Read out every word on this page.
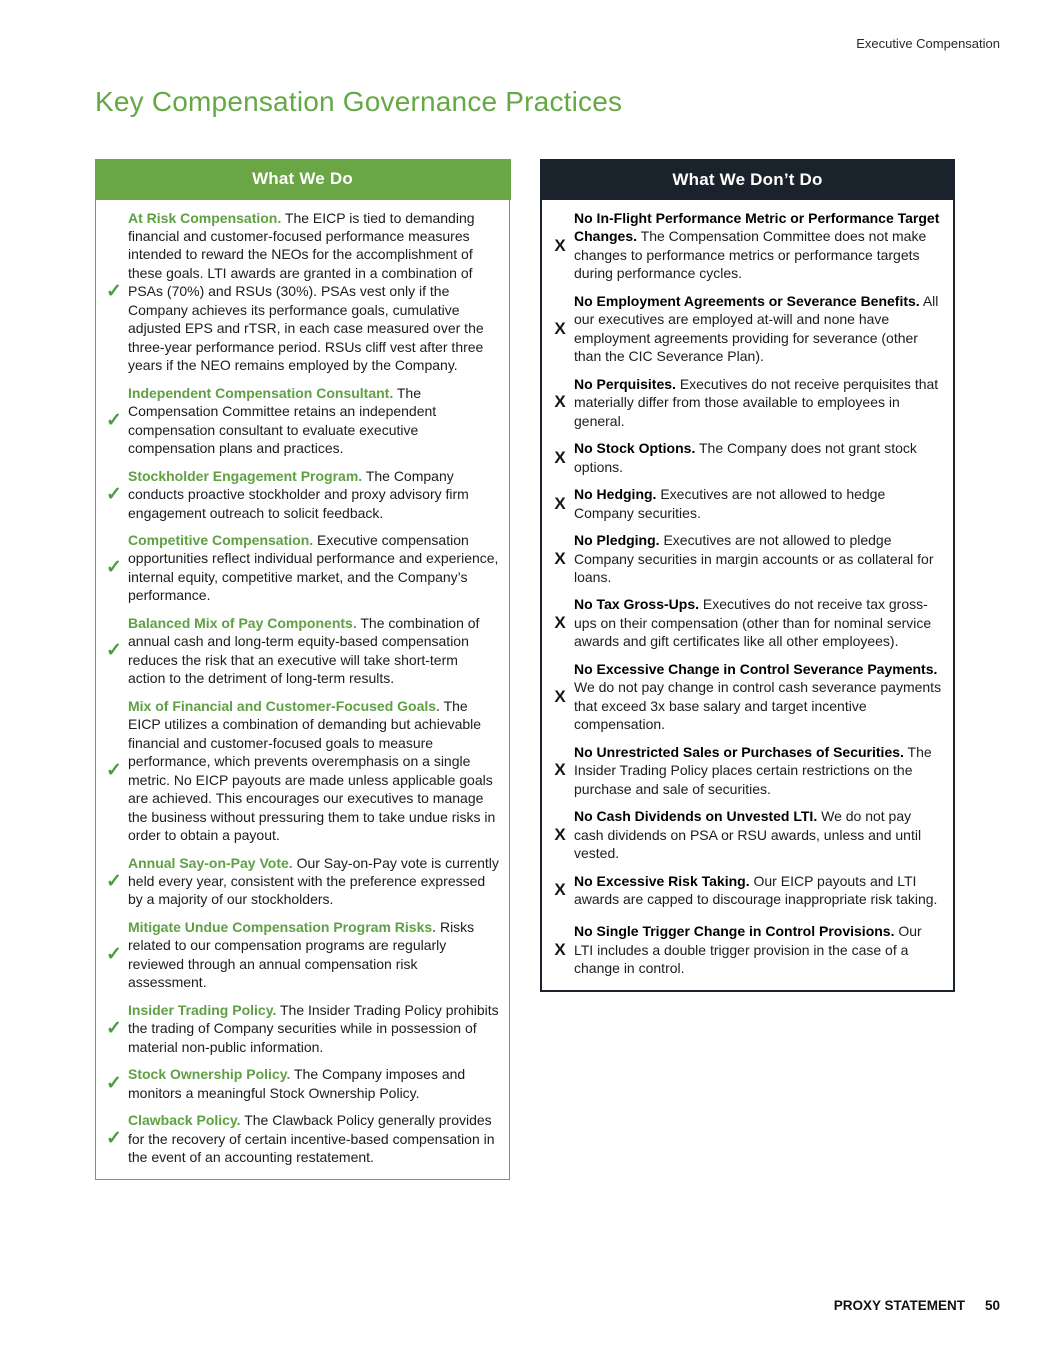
Executive Compensation
Key Compensation Governance Practices
What We Do
✓

At Risk Compensation. The EICP is tied to demanding financial and customer-focused performance measures intended to reward the NEOs for the accomplishment of these goals. LTI awards are granted in a combination of PSAs (70%) and RSUs (30%). PSAs vest only if the Company achieves its performance goals, cumulative adjusted EPS and rTSR, in each case measured over the three-year performance period. RSUs cliff vest after three years if the NEO remains employed by the Company.

✓

Independent Compensation Consultant. The Compensation Committee retains an independent compensation consultant to evaluate executive compensation plans and practices.

✓

Stockholder Engagement Program. The Company conducts proactive stockholder and proxy advisory firm engagement outreach to solicit feedback.

✓

Competitive Compensation. Executive compensation opportunities reflect individual performance and experience, internal equity, competitive market, and the Company’s performance.

✓

Balanced Mix of Pay Components. The combination of annual cash and long-term equity-based compensation reduces the risk that an executive will take short-term action to the detriment of long-term results.

✓

Mix of Financial and Customer-Focused Goals. The EICP utilizes a combination of demanding but achievable financial and customer-focused goals to measure performance, which prevents overemphasis on a single metric. No EICP payouts are made unless applicable goals are achieved. This encourages our executives to manage the business without pressuring them to take undue risks in order to obtain a payout.

✓

Annual Say-on-Pay Vote. Our Say-on-Pay vote is currently held every year, consistent with the preference expressed by a majority of our stockholders.

✓

Mitigate Undue Compensation Program Risks. Risks related to our compensation programs are regularly reviewed through an annual compensation risk assessment.

✓

Insider Trading Policy. The Insider Trading Policy prohibits the trading of Company securities while in possession of material non-public information.

✓ Stock Ownership Policy. The Company imposes and monitors a meaningful Stock Ownership Policy.

✓

Clawback Policy. The Clawback Policy generally provides for the recovery of certain incentive-based compensation in the event of an accounting restatement.

What We Don’t Do
X

No In-Flight Performance Metric or Performance Target Changes. The Compensation Committee does not make changes to performance metrics or performance targets during performance cycles.

X

No Employment Agreements or Severance Benefits. All our executives are employed at-will and none have employment agreements providing for severance (other than the CIC Severance Plan).

X

No Perquisites. Executives do not receive perquisites that materially differ from those available to employees in general.

X No Stock Options. The Company does not grant stock options.

X No Hedging. Executives are not allowed to hedge Company securities.

X

No Pledging. Executives are not allowed to pledge Company securities in margin accounts or as collateral for loans.

X

No Tax Gross-Ups. Executives do not receive tax gross-ups on their compensation (other than for nominal service awards and gift certificates like all other employees).

X

No Excessive Change in Control Severance Payments. We do not pay change in control cash severance payments that exceed 3x base salary and target incentive compensation.

X

No Unrestricted Sales or Purchases of Securities. The Insider Trading Policy places certain restrictions on the purchase and sale of securities.

X

No Cash Dividends on Unvested LTI. We do not pay cash dividends on PSA or RSU awards, unless and until vested.

X No Excessive Risk Taking. Our EICP payouts and LTI awards are capped to discourage inappropriate risk taking.

X

No Single Trigger Change in Control Provisions. Our LTI includes a double trigger provision in the case of a change in control.

PROXY STATEMENT 50
